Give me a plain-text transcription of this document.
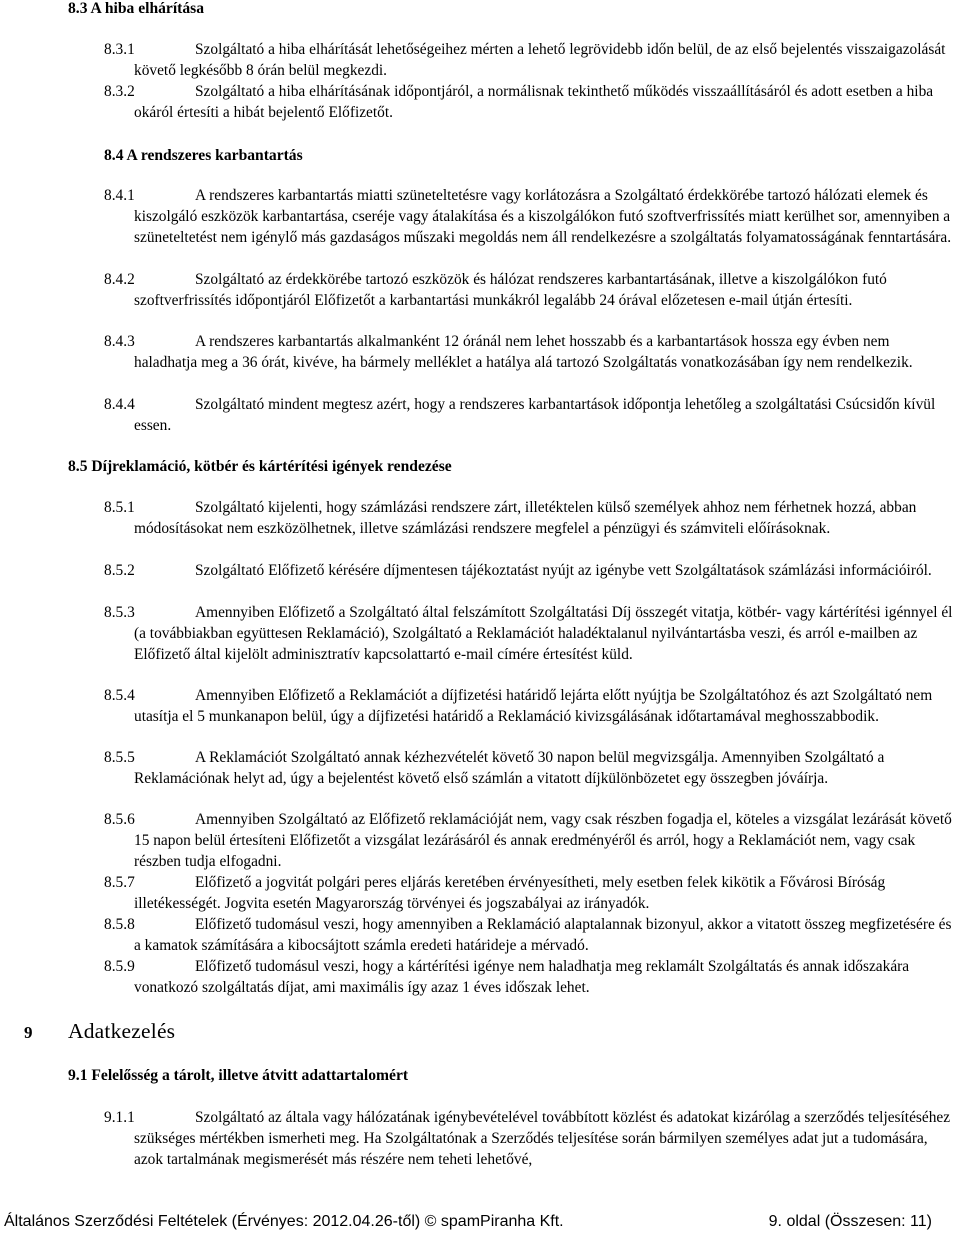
8.3 A hiba elhárítása
8.3.1	Szolgáltató a hiba elhárítását lehetőségeihez mérten a lehető legrövidebb időn belül, de az első bejelentés visszaigazolását követő legkésőbb 8 órán belül megkezdi.
8.3.2	Szolgáltató a hiba elhárításának időpontjáról, a normálisnak tekinthető működés visszaállításáról és adott esetben a hiba okáról értesíti a hibát bejelentő Előfizetőt.
8.4 A rendszeres karbantartás
8.4.1	A rendszeres karbantartás miatti szüneteltetésre vagy korlátozásra a Szolgáltató érdekkörébe tartozó hálózati elemek és kiszolgáló eszközök karbantartása, cseréje vagy átalakítása és a kiszolgálókon futó szoftverfrissítés miatt kerülhet sor, amennyiben a szüneteltetést nem igénylő más gazdaságos műszaki megoldás nem áll rendelkezésre a szolgáltatás folyamatosságának fenntartására.
8.4.2	Szolgáltató az érdekkörébe tartozó eszközök és hálózat rendszeres karbantartásának, illetve a kiszolgálókon futó szoftverfrissítés időpontjáról Előfizetőt a karbantartási munkákról legalább 24 órával előzetesen e-mail útján értesíti.
8.4.3	A rendszeres karbantartás alkalmanként 12 óránál nem lehet hosszabb és a karbantartások hossza egy évben nem haladhatja meg a 36 órát, kivéve, ha bármely melléklet a hatálya alá tartozó Szolgáltatás vonatkozásában így nem rendelkezik.
8.4.4	Szolgáltató mindent megtesz azért, hogy a rendszeres karbantartások időpontja lehetőleg a szolgáltatási Csúcsidőn kívül essen.
8.5 Díjreklamáció, kötbér és kártérítési igények rendezése
8.5.1	Szolgáltató kijelenti, hogy számlázási rendszere zárt, illetéktelen külső személyek ahhoz nem férhetnek hozzá, abban módosításokat nem eszközölhetnek, illetve számlázási rendszere megfelel a pénzügyi és számviteli előírásoknak.
8.5.2	Szolgáltató Előfizető kérésére díjmentesen tájékoztatást nyújt az igénybe vett Szolgáltatások számlázási információiról.
8.5.3	Amennyiben Előfizető a Szolgáltató által felszámított Szolgáltatási Díj összegét vitatja, kötbér- vagy kártérítési igénnyel él (a továbbiakban együttesen Reklamáció), Szolgáltató a Reklamációt haladéktalanul nyilvántartásba veszi, és arról e-mailben az Előfizető által kijelölt adminisztratív kapcsolattartó e-mail címére értesítést küld.
8.5.4	Amennyiben Előfizető a Reklamációt a díjfizetési határidő lejárta előtt nyújtja be Szolgáltatóhoz és azt Szolgáltató nem utasítja el 5 munkanapon belül, úgy a díjfizetési határidő a Reklamáció kivizsgálásának időtartamával meghosszabbodik.
8.5.5	A Reklamációt Szolgáltató annak kézhezvételét követő 30 napon belül megvizsgálja. Amennyiben Szolgáltató a Reklamációnak helyt ad, úgy a bejelentést követő első számlán a vitatott díjkülönbözetet egy összegben jóváírja.
8.5.6	Amennyiben Szolgáltató az Előfizető reklamációját nem, vagy csak részben fogadja el, köteles a vizsgálat lezárását követő 15 napon belül értesíteni Előfizetőt a vizsgálat lezárásáról és annak eredményéről és arról, hogy a Reklamációt nem, vagy csak részben tudja elfogadni.
8.5.7	Előfizető a jogvitát polgári peres eljárás keretében érvényesítheti, mely esetben felek kikötik a Fővárosi Bíróság illetékességét. Jogvita esetén Magyarország törvényei és jogszabályai az irányadók.
8.5.8	Előfizető tudomásul veszi, hogy amennyiben a Reklamáció alaptalannak bizonyul, akkor a vitatott összeg megfizetésére és a kamatok számítására a kibocsájtott számla eredeti határideje a mérvadó.
8.5.9	Előfizető tudomásul veszi, hogy a kártérítési igénye nem haladhatja meg reklamált Szolgáltatás és annak időszakára vonatkozó szolgáltatás díjat, ami maximális így azaz 1 éves időszak lehet.
9 Adatkezelés
9.1 Felelősség a tárolt, illetve átvitt adattartalomért
9.1.1	Szolgáltató az általa vagy hálózatának igénybevételével továbbított közlést és adatokat kizárólag a szerződés teljesítéséhez szükséges mértékben ismerheti meg. Ha Szolgáltatónak a Szerződés teljesítése során bármilyen személyes adat jut a tudomására, azok tartalmának megismerését más részére nem teheti lehetővé,
Általános Szerződési Feltételek (Érvényes: 2012.04.26-től) © spamPiranha Kft.	9. oldal (Összesen: 11)
